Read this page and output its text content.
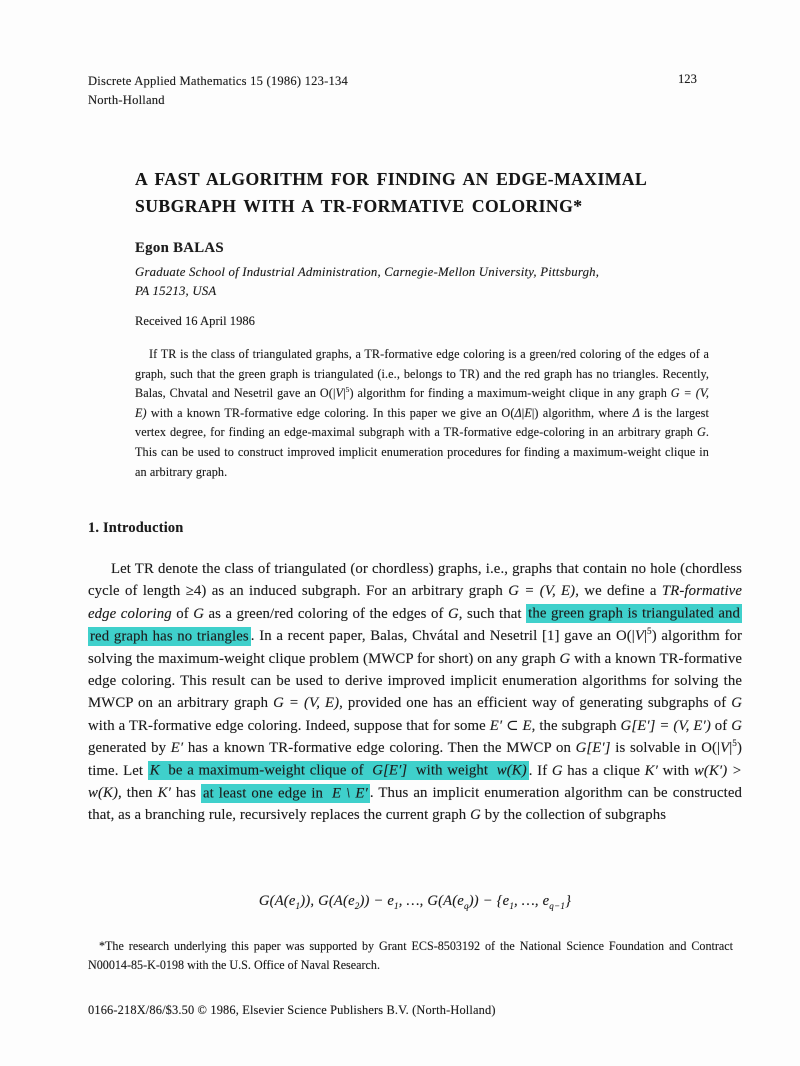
Discrete Applied Mathematics 15 (1986) 123-134
North-Holland
123
A FAST ALGORITHM FOR FINDING AN EDGE-MAXIMAL
SUBGRAPH WITH A TR-FORMATIVE COLORING*
Egon BALAS
Graduate School of Industrial Administration, Carnegie-Mellon University, Pittsburgh,
PA 15213, USA
Received 16 April 1986
If TR is the class of triangulated graphs, a TR-formative edge coloring is a green/red coloring of the edges of a graph, such that the green graph is triangulated (i.e., belongs to TR) and the red graph has no triangles. Recently, Balas, Chvatal and Nesetril gave an $O(|V|^5)$ algorithm for finding a maximum-weight clique in any graph G = (V, E) with a known TR-formative edge coloring. In this paper we give an O(Δ|E|) algorithm, where Δ is the largest vertex degree, for finding an edge-maximal subgraph with a TR-formative edge-coloring in an arbitrary graph G. This can be used to construct improved implicit enumeration procedures for finding a maximum-weight clique in an arbitrary graph.
1. Introduction
Let TR denote the class of triangulated (or chordless) graphs, i.e., graphs that contain no hole (chordless cycle of length ≥4) as an induced subgraph. For an arbitrary graph G = (V, E), we define a TR-formative edge coloring of G as a green/red coloring of the edges of G, such that the green graph is triangulated and red graph has no triangles . In a recent paper, Balas, Chvátal and Nesetril [1] gave an $O(|V|^5)$ algorithm for solving the maximum-weight clique problem (MWCP for short) on any graph G with a known TR-formative edge coloring. This result can be used to derive improved implicit enumeration algorithms for solving the MWCP on an arbitrary graph G = (V, E), provided one has an efficient way of generating subgraphs of G with a TR-formative edge coloring. Indeed, suppose that for some E′ ⊂ E, the subgraph G[E′] = (V, E′) of G generated by E′ has a known TR-formative edge coloring. Then the MWCP on G[E′] is solvable in $O(|V|^5)$ time. Let K be a maximum-weight clique of G[E′] with weight w(K) . If G has a clique K′ with w(K′) > w(K), then K′ has at least one edge in E \ E′ . Thus an implicit enumeration algorithm can be constructed that, as a branching rule, recursively replaces the current graph G by the collection of subgraphs
$G(A(e_1))$, $G(A(e_2)) - e_1$, …, $G(A(e_q)) - \{e_1$, …, $e_{q-1}$}
*The research underlying this paper was supported by Grant ECS-8503192 of the National Science Foundation and Contract N00014-85-K-0198 with the U.S. Office of Naval Research.
0166-218X/86/$3.50 © 1986, Elsevier Science Publishers B.V. (North-Holland)
